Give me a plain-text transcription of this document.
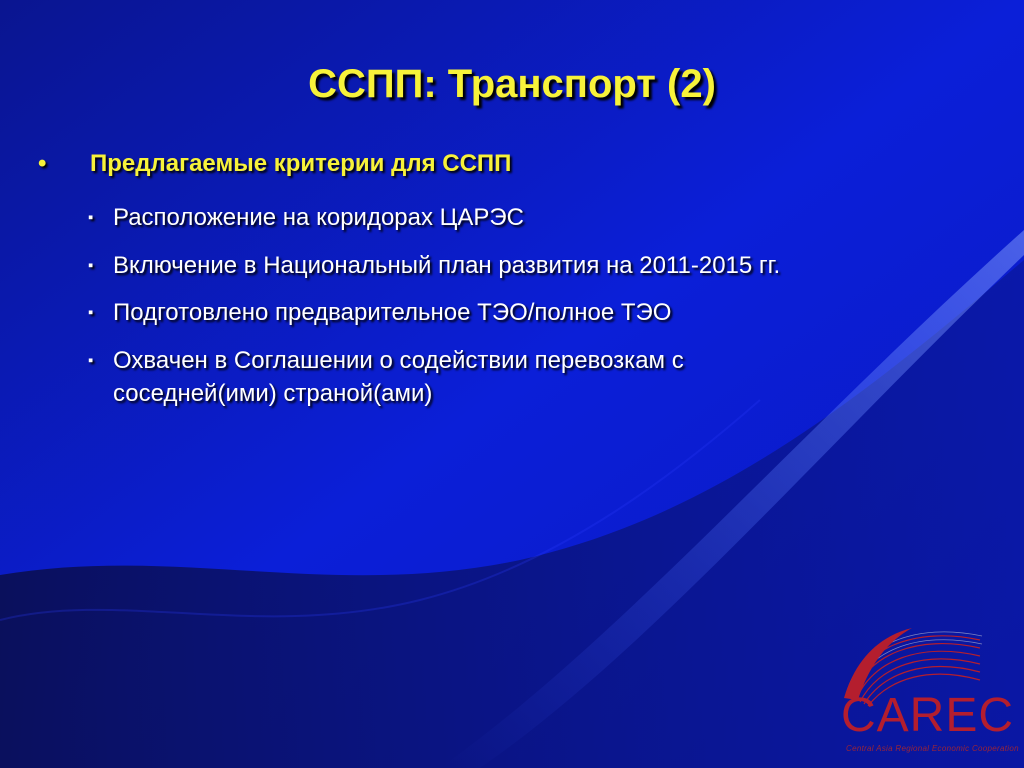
ССПП: Транспорт (2)
• Предлагаемые критерии для ССПП
▪ Расположение на коридорах ЦАРЭС
▪ Включение в Национальный план развития на 2011-2015 гг.
▪ Подготовлено предварительное ТЭО/полное ТЭО
▪ Охвачен в Соглашении о содействии перевозкам с
соседней(ими) страной(ами)
CAREC
Central Asia Regional Economic Cooperation
